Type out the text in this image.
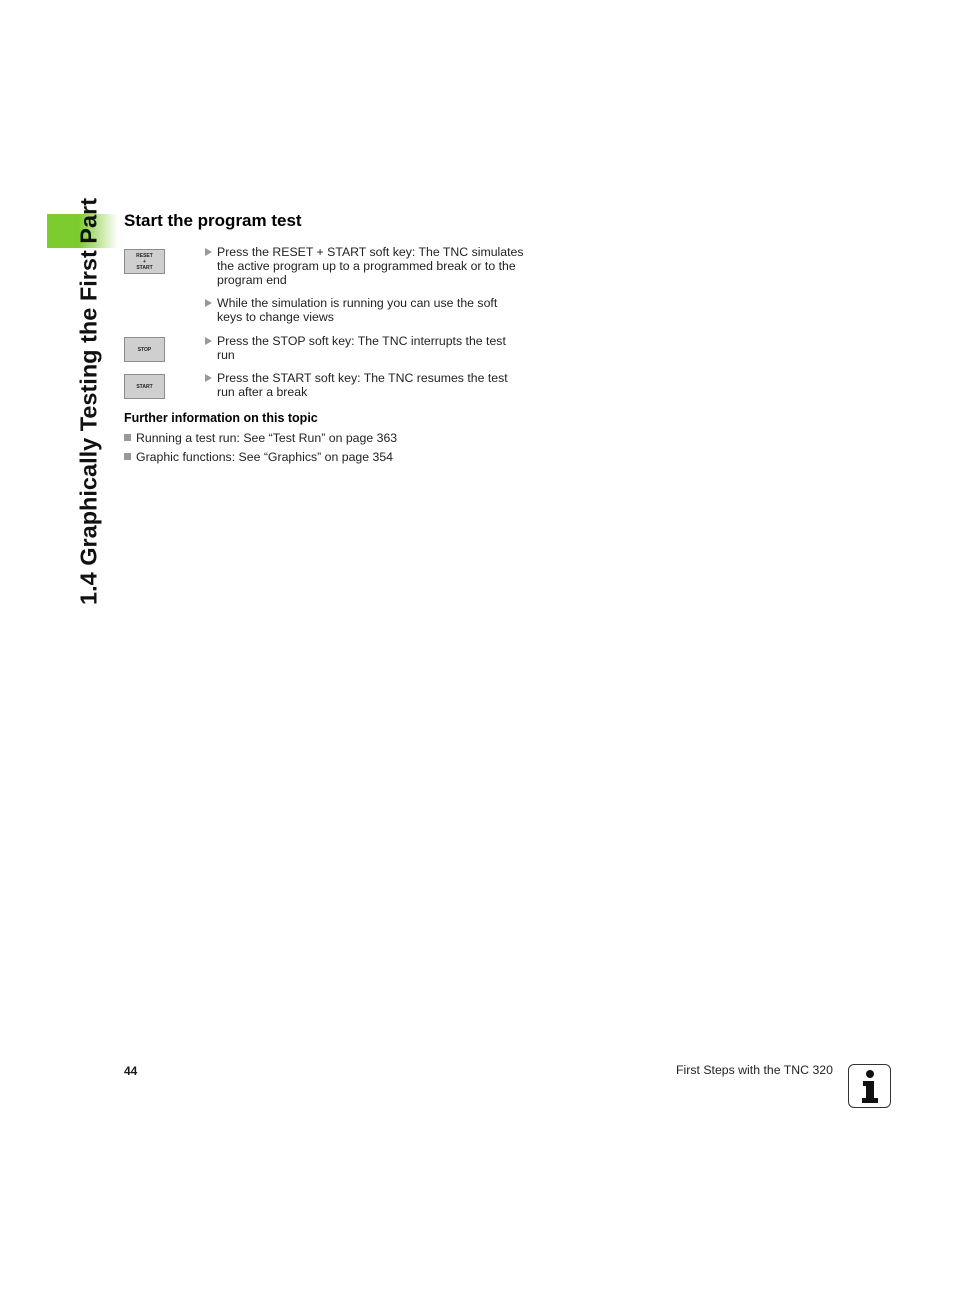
1.4 Graphically Testing the First Part Start the program test
RESET
+
START
STOP
START
Press the RESET + START soft key: The TNC simulates the active program up to a programmed break or to the program end
While the simulation is running you can use the soft keys to change views
Press the STOP soft key: The TNC interrupts the test run
Press the START soft key: The TNC resumes the test run after a break
Further information on this topic
Running a test run: See “Test Run” on page 363
Graphic functions: See “Graphics” on page 354
44	First Steps with the TNC 320
